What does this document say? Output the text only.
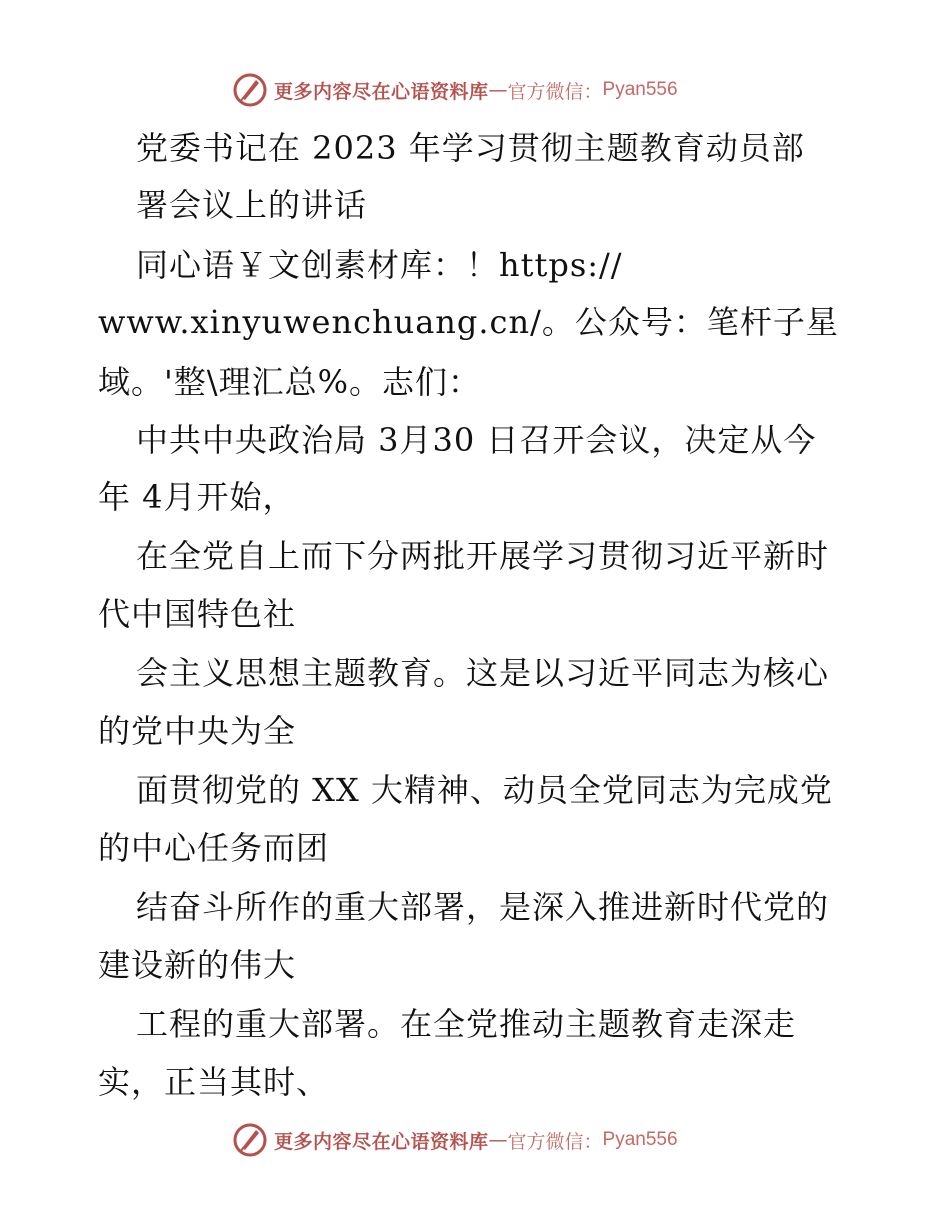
更多内容尽在心语资料库 — 官方微信： Pyan556
党委书记在 2023 年学习贯彻主题教育动员部
署会议上的讲话
同心语￥文创素材库：！https://
www.xinyuwenchuang.cn/。公众号：笔杆子星
域。'整\理汇总%。志们：
中共中央政治局 3月30 日召开会议，决定从今
年 4月开始，
在全党自上而下分两批开展学习贯彻习近平新时
代中国特色社
会主义思想主题教育。这是以习近平同志为核心
的党中央为全
面贯彻党的 XX 大精神、动员全党同志为完成党
的中心任务而团
结奋斗所作的重大部署，是深入推进新时代党的
建设新的伟大
工程的重大部署。在全党推动主题教育走深走
实，正当其时、
更多内容尽在心语资料库 — 官方微信： Pyan556
